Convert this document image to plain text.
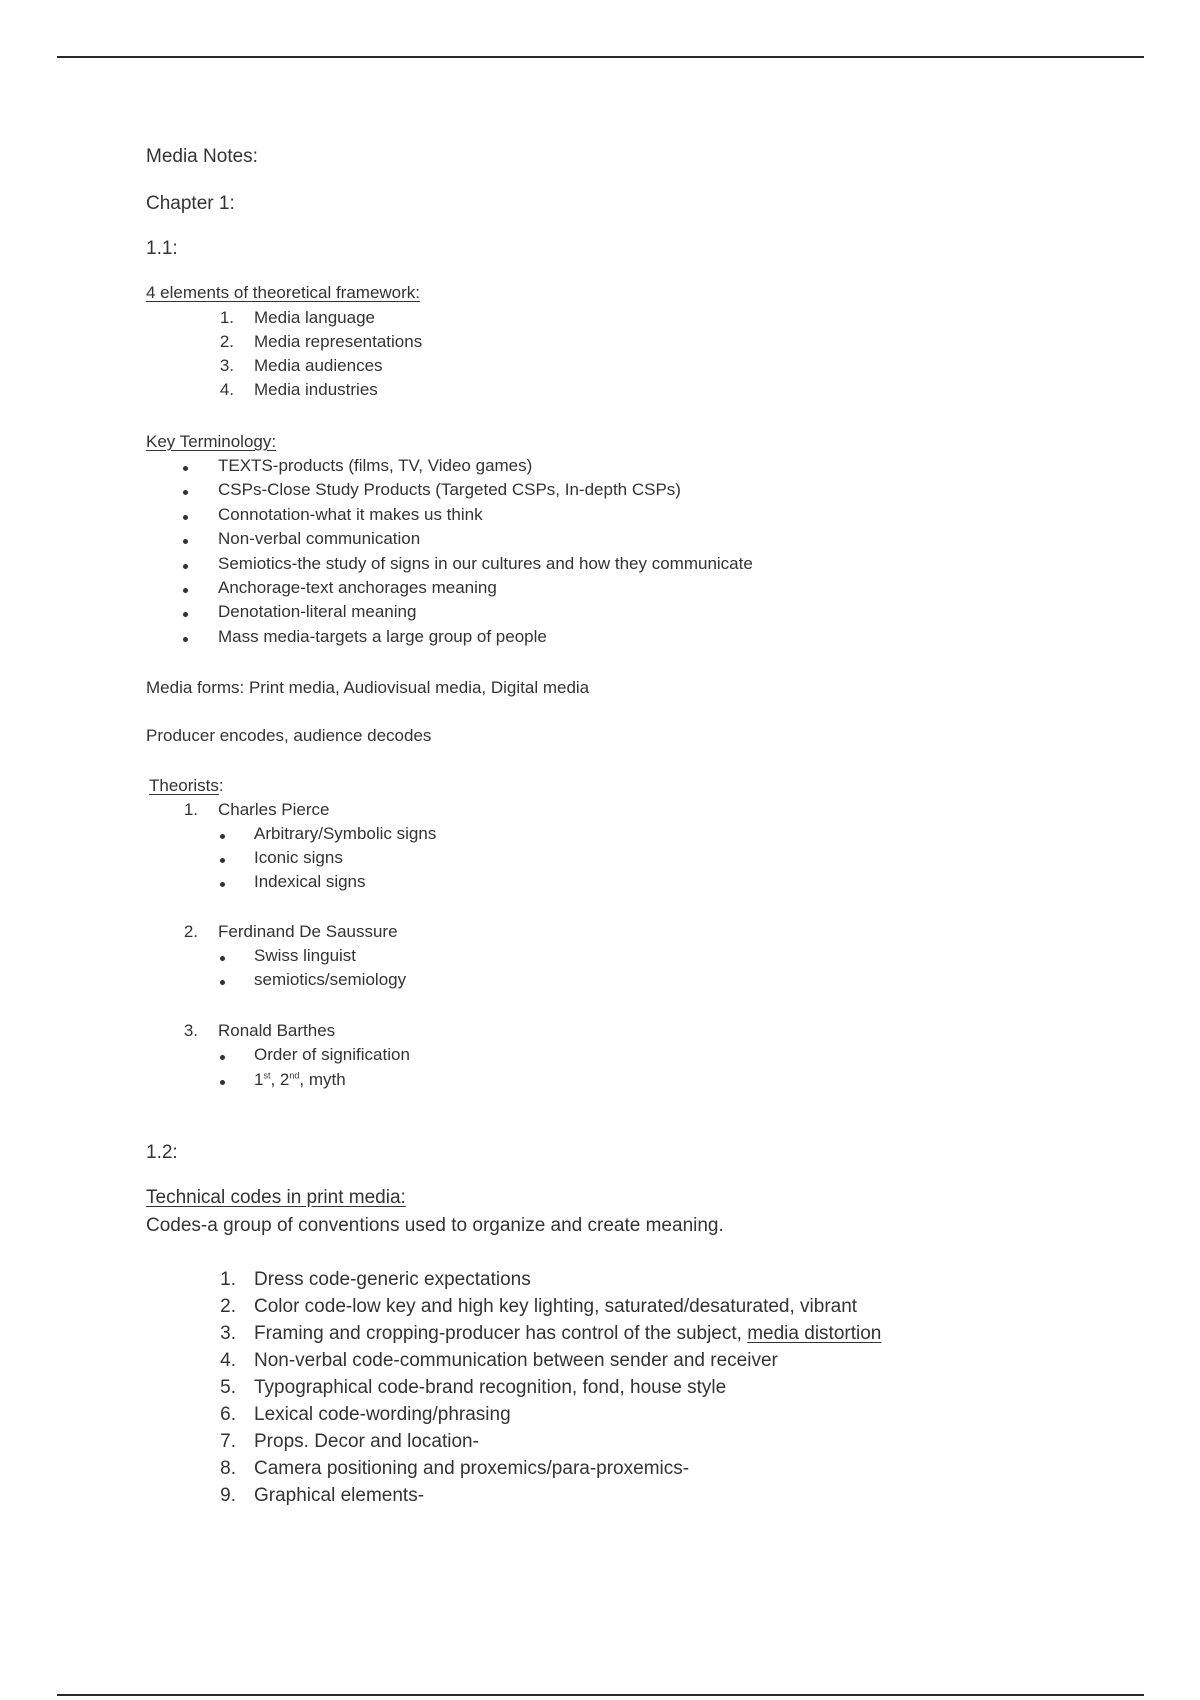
Media Notes:
Chapter 1:
1.1:
4 elements of theoretical framework:
1. Media language
2. Media representations
3. Media audiences
4. Media industries
Key Terminology:
TEXTS-products (films, TV, Video games)
CSPs-Close Study Products (Targeted CSPs, In-depth CSPs)
Connotation-what it makes us think
Non-verbal communication
Semiotics-the study of signs in our cultures and how they communicate
Anchorage-text anchorages meaning
Denotation-literal meaning
Mass media-targets a large group of people
Media forms: Print media, Audiovisual media, Digital media
Producer encodes, audience decodes
Theorists:
1. Charles Pierce
Arbitrary/Symbolic signs
Iconic signs
Indexical signs
2. Ferdinand De Saussure
Swiss linguist
semiotics/semiology
3. Ronald Barthes
Order of signification
1st, 2nd, myth
1.2:
Technical codes in print media:
Codes-a group of conventions used to organize and create meaning.
1. Dress code-generic expectations
2. Color code-low key and high key lighting, saturated/desaturated, vibrant
3. Framing and cropping-producer has control of the subject, media distortion
4. Non-verbal code-communication between sender and receiver
5. Typographical code-brand recognition, fond, house style
6. Lexical code-wording/phrasing
7. Props. Decor and location-
8. Camera positioning and proxemics/para-proxemics-
9. Graphical elements-
